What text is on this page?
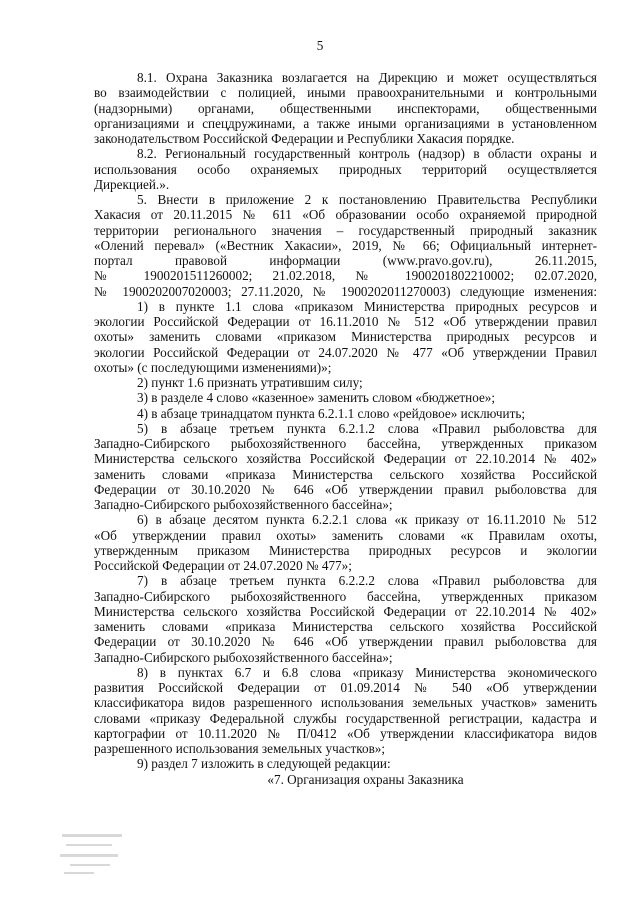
5
8.1. Охрана Заказника возлагается на Дирекцию и может осуществляться
во взаимодействии с полицией, иными правоохранительными и контрольными
(надзорными) органами, общественными инспекторами, общественными
организациями и спецдружинами, а также иными организациями в установленном
законодательством Российской Федерации и Республики Хакасия порядке.
8.2. Региональный государственный контроль (надзор) в области охраны и
использования особо охраняемых природных территорий осуществляется
Дирекцией.».
5. Внести в приложение 2 к постановлению Правительства Республики
Хакасия от 20.11.2015 № 611 «Об образовании особо охраняемой природной
территории регионального значения – государственный природный заказник
«Олений перевал» («Вестник Хакасии», 2019, № 66; Официальный интернет-
портал правовой информации (www.pravo.gov.ru), 26.11.2015,
№ 1900201511260002; 21.02.2018, № 1900201802210002; 02.07.2020,
№ 1900202007020003; 27.11.2020, № 1900202011270003) следующие изменения:
1) в пункте 1.1 слова «приказом Министерства природных ресурсов и
экологии Российской Федерации от 16.11.2010 № 512 «Об утверждении правил
охоты» заменить словами «приказом Министерства природных ресурсов и
экологии Российской Федерации от 24.07.2020 № 477 «Об утверждении Правил
охоты» (с последующими изменениями)»;
2) пункт 1.6 признать утратившим силу;
3) в разделе 4 слово «казенное» заменить словом «бюджетное»;
4) в абзаце тринадцатом пункта 6.2.1.1 слово «рейдовое» исключить;
5) в абзаце третьем пункта 6.2.1.2 слова «Правил рыболовства для
Западно-Сибирского рыбохозяйственного бассейна, утвержденных приказом
Министерства сельского хозяйства Российской Федерации от 22.10.2014 № 402»
заменить словами «приказа Министерства сельского хозяйства Российской
Федерации от 30.10.2020 № 646 «Об утверждении правил рыболовства для
Западно-Сибирского рыбохозяйственного бассейна»;
6) в абзаце десятом пункта 6.2.2.1 слова «к приказу от 16.11.2010 № 512
«Об утверждении правил охоты» заменить словами «к Правилам охоты,
утвержденным приказом Министерства природных ресурсов и экологии
Российской Федерации от 24.07.2020 № 477»;
7) в абзаце третьем пункта 6.2.2.2 слова «Правил рыболовства для
Западно-Сибирского рыбохозяйственного бассейна, утвержденных приказом
Министерства сельского хозяйства Российской Федерации от 22.10.2014 № 402»
заменить словами «приказа Министерства сельского хозяйства Российской
Федерации от 30.10.2020 № 646 «Об утверждении правил рыболовства для
Западно-Сибирского рыбохозяйственного бассейна»;
8) в пунктах 6.7 и 6.8 слова «приказу Министерства экономического
развития Российской Федерации от 01.09.2014 № 540 «Об утверждении
классификатора видов разрешенного использования земельных участков» заменить
словами «приказу Федеральной службы государственной регистрации, кадастра и
картографии от 10.11.2020 № П/0412 «Об утверждении классификатора видов
разрешенного использования земельных участков»;
9) раздел 7 изложить в следующей редакции:
«7. Организация охраны Заказника
